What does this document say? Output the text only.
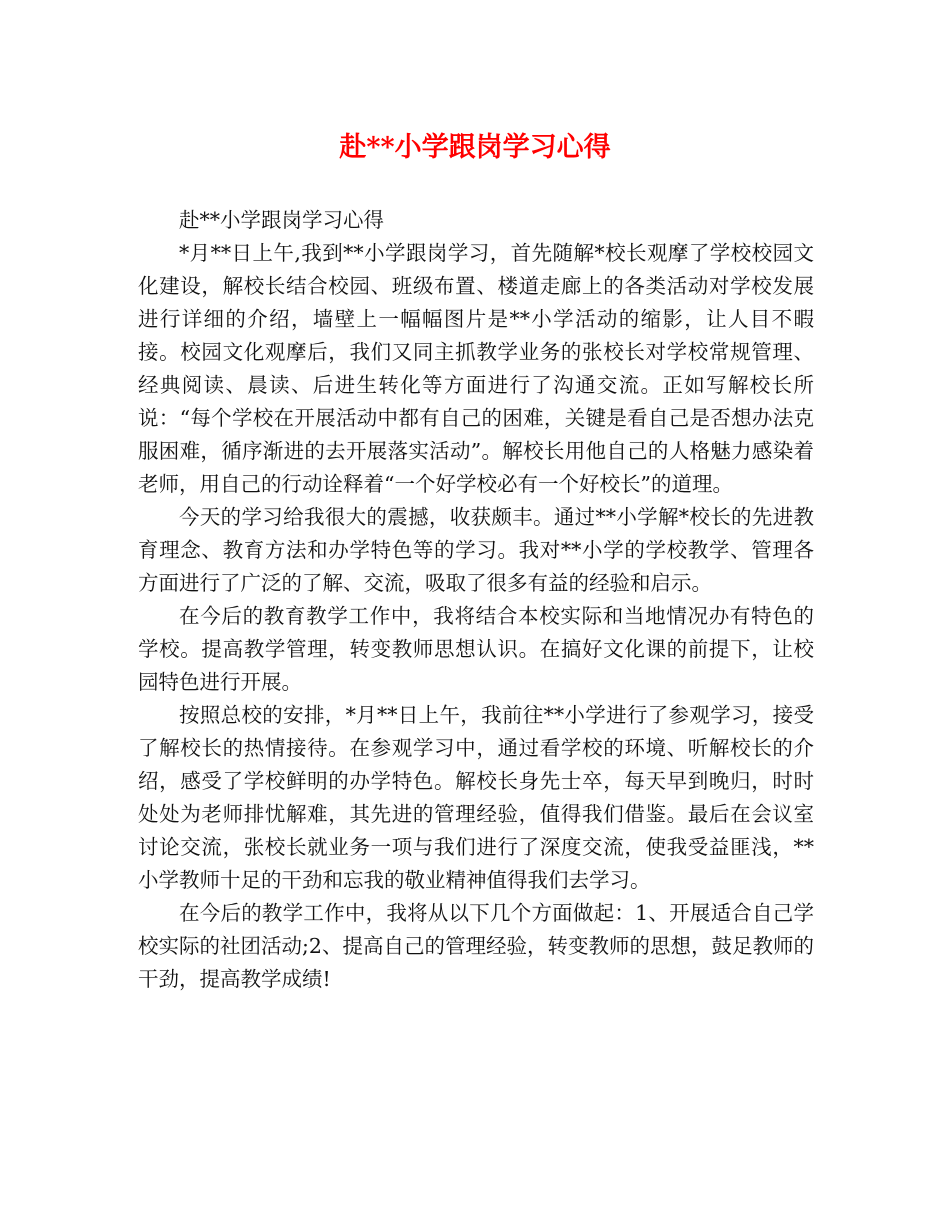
赴**小学跟岗学习心得

赴**小学跟岗学习心得

*月**日上午,我到**小学跟岗学习，首先随解*校长观摩了学校校园文化建设，解校长结合校园、班级布置、楼道走廊上的各类活动对学校发展进行详细的介绍，墙壁上一幅幅图片是**小学活动的缩影，让人目不暇接。校园文化观摩后，我们又同主抓教学业务的张校长对学校常规管理、经典阅读、晨读、后进生转化等方面进行了沟通交流。正如写解校长所说：“每个学校在开展活动中都有自己的困难，关键是看自己是否想办法克服困难，循序渐进的去开展落实活动”。解校长用他自己的人格魅力感染着老师，用自己的行动诠释着“一个好学校必有一个好校长”的道理。

今天的学习给我很大的震撼，收获颇丰。通过**小学解*校长的先进教育理念、教育方法和办学特色等的学习。我对**小学的学校教学、管理各方面进行了广泛的了解、交流，吸取了很多有益的经验和启示。

在今后的教育教学工作中，我将结合本校实际和当地情况办有特色的学校。提高教学管理，转变教师思想认识。在搞好文化课的前提下，让校园特色进行开展。

按照总校的安排，*月**日上午，我前往**小学进行了参观学习，接受了解校长的热情接待。在参观学习中，通过看学校的环境、听解校长的介绍，感受了学校鲜明的办学特色。解校长身先士卒，每天早到晚归，时时处处为老师排忧解难，其先进的管理经验，值得我们借鉴。最后在会议室讨论交流，张校长就业务一项与我们进行了深度交流，使我受益匪浅，**小学教师十足的干劲和忘我的敬业精神值得我们去学习。

在今后的教学工作中，我将从以下几个方面做起：1、开展适合自己学校实际的社团活动;2、提高自己的管理经验，转变教师的思想，鼓足教师的干劲，提高教学成绩!
